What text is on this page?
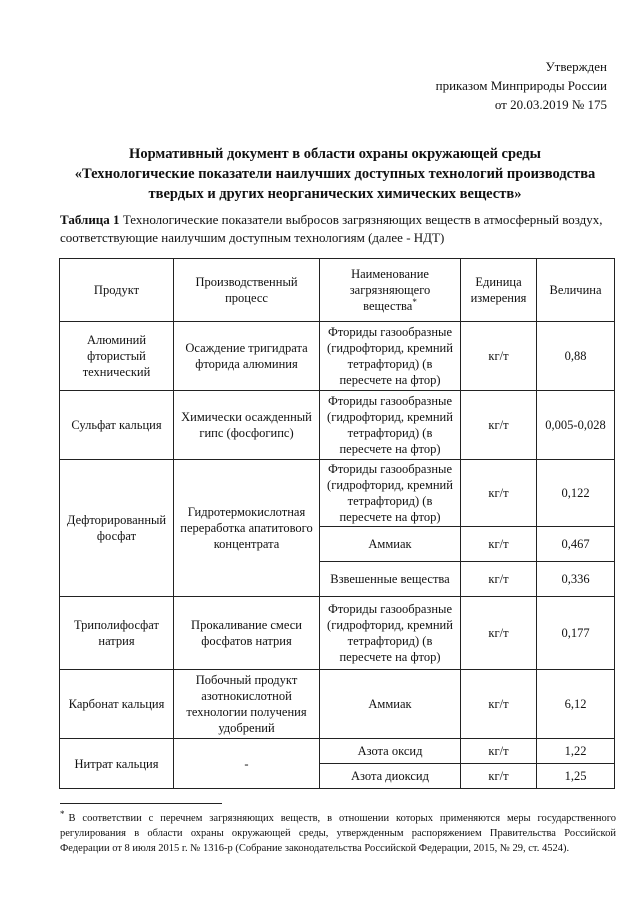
Утвержден
приказом Минприроды России
от 20.03.2019 № 175
Нормативный документ в области охраны окружающей среды
«Технологические показатели наилучших доступных технологий производства
твердых и других неорганических химических веществ»
Таблица 1 Технологические показатели выбросов загрязняющих веществ в атмосферный воздух, соответствующие наилучшим доступным технологиям (далее - НДТ)
Продукт	Производственный процесс	Наименование загрязняющего вещества*	Единица измерения	Величина
Алюминий фтористый технический	Осаждение тригидрата фторида алюминия	Фториды газообразные (гидрофторид, кремний тетрафторид) (в пересчете на фтор)	кг/т	0,88
Сульфат кальция	Химически осажденный гипс (фосфогипс)	Фториды газообразные (гидрофторид, кремний тетрафторид) (в пересчете на фтор)	кг/т	0,005-0,028
Дефторированный фосфат	Гидротермокислотная переработка апатитового концентрата	Фториды газообразные (гидрофторид, кремний тетрафторид) (в пересчете на фтор)	кг/т	0,122
		Аммиак	кг/т	0,467
		Взвешенные вещества	кг/т	0,336
Триполифосфат натрия	Прокаливание смеси фосфатов натрия	Фториды газообразные (гидрофторид, кремний тетрафторид) (в пересчете на фтор)	кг/т	0,177
Карбонат кальция	Побочный продукт азотнокислотной технологии получения удобрений	Аммиак	кг/т	6,12
Нитрат кальция	-	Азота оксид	кг/т	1,22
		Азота диоксид	кг/т	1,25
* В соответствии с перечнем загрязняющих веществ, в отношении которых применяются меры государственного регулирования в области охраны окружающей среды, утвержденным распоряжением Правительства Российской Федерации от 8 июля 2015 г. № 1316-р (Собрание законодательства Российской Федерации, 2015, № 29, ст. 4524).
